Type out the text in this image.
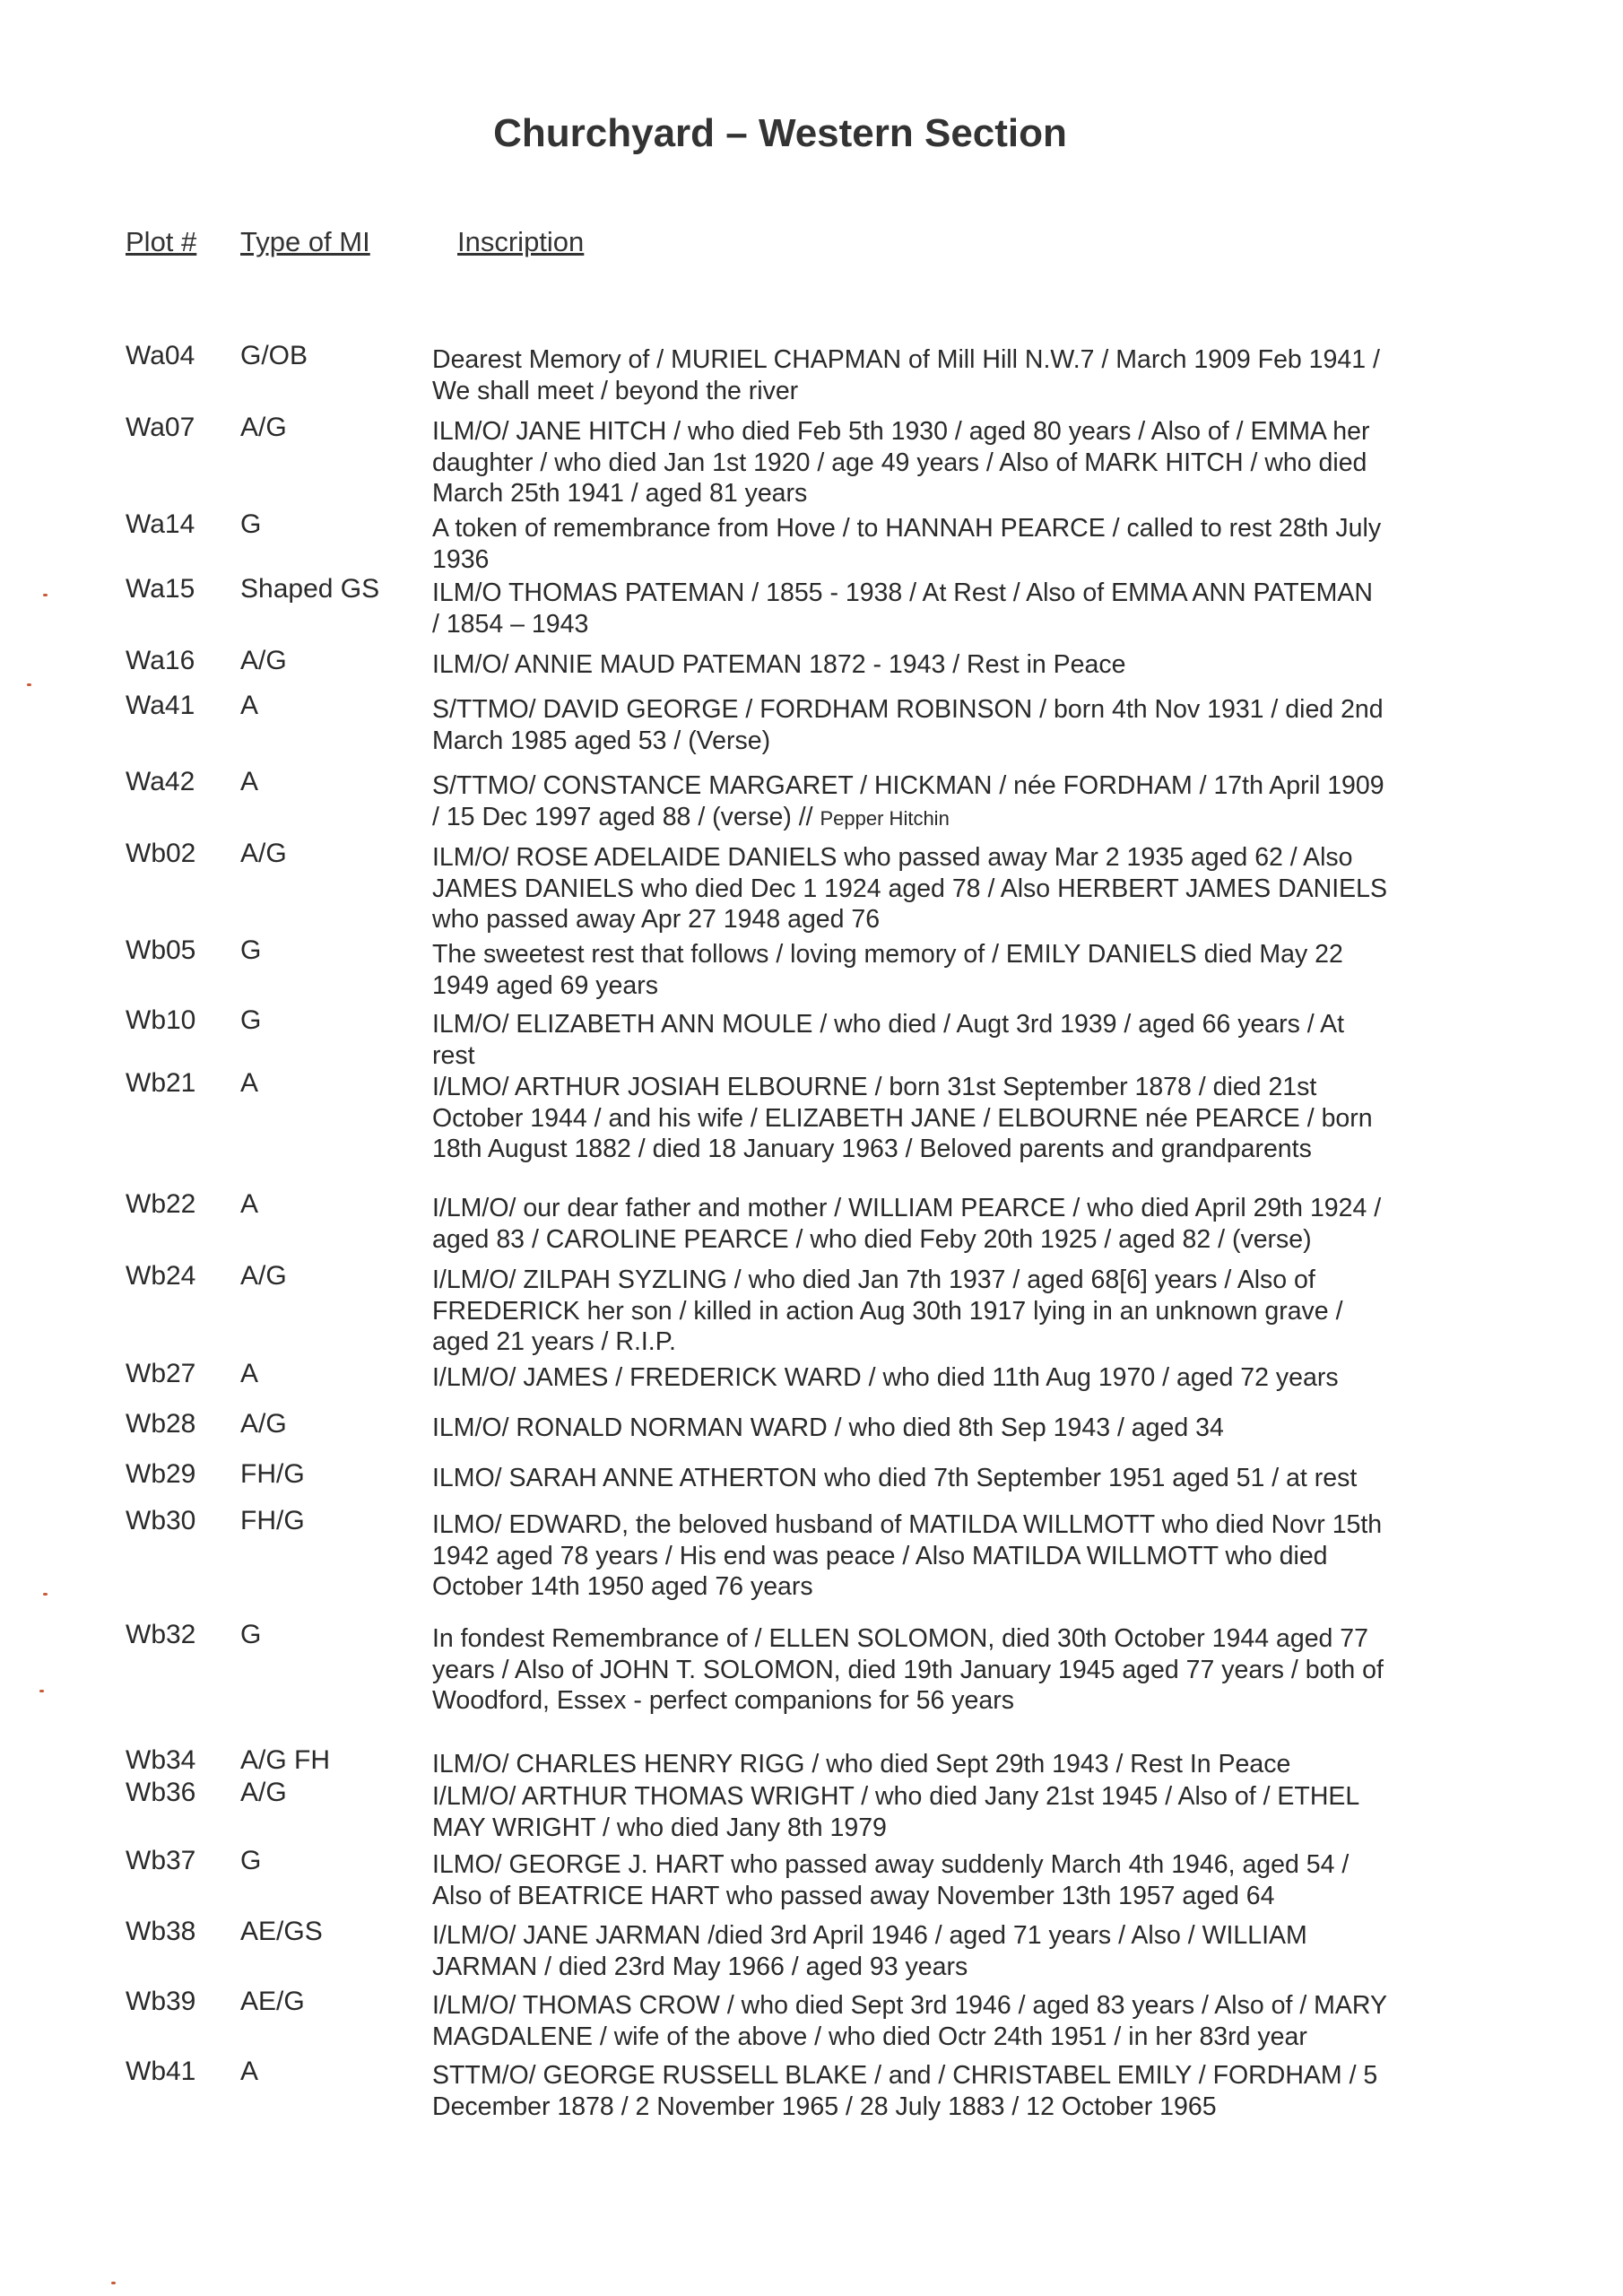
Churchyard – Western Section
Plot # Type of MI	Inscription
Wa04	G/OB	Dearest Memory of / MURIEL CHAPMAN of Mill Hill N.W.7 / March 1909 Feb 1941 /
We shall meet / beyond the river
Wa07	A/G	ILM/O/ JANE HITCH / who died Feb 5th 1930 / aged 80 years / Also of / EMMA her
daughter / who died Jan 1st 1920 / age 49 years / Also of MARK HITCH / who died
March 25th 1941 / aged 81 years
Wa14	G	A token of remembrance from Hove / to HANNAH PEARCE / called to rest 28th July
1936
Wa15	Shaped GS	ILM/O THOMAS PATEMAN / 1855 - 1938 / At Rest / Also of EMMA ANN PATEMAN
/ 1854 – 1943
Wa16	A/G	ILM/O/ ANNIE MAUD PATEMAN 1872 - 1943 / Rest in Peace
Wa41	A	S/TTMO/ DAVID GEORGE / FORDHAM ROBINSON / born 4th Nov 1931 / died 2nd
March 1985 aged 53 / (Verse)
Wa42	A	S/TTMO/ CONSTANCE MARGARET / HICKMAN / née FORDHAM / 17th April 1909
/ 15 Dec 1997 aged 88 / (verse) // Pepper Hitchin
Wb02	A/G	ILM/O/ ROSE ADELAIDE DANIELS who passed away Mar 2 1935 aged 62 / Also
JAMES DANIELS who died Dec 1 1924 aged 78 / Also HERBERT JAMES DANIELS
who passed away Apr 27 1948 aged 76
Wb05	G	The sweetest rest that follows / loving memory of / EMILY DANIELS died May 22
1949 aged 69 years
Wb10	G	ILM/O/ ELIZABETH ANN MOULE / who died / Augt 3rd 1939 / aged 66 years / At
rest
Wb21	A	I/LMO/ ARTHUR JOSIAH ELBOURNE / born 31st September 1878 / died 21st
October 1944 / and his wife / ELIZABETH JANE / ELBOURNE née PEARCE / born
18th August 1882 / died 18 January 1963 / Beloved parents and grandparents
Wb22	A	I/LM/O/ our dear father and mother / WILLIAM PEARCE / who died April 29th 1924 /
aged 83 / CAROLINE PEARCE / who died Feby 20th 1925 / aged 82 / (verse)
Wb24	A/G	I/LM/O/ ZILPAH SYZLING / who died Jan 7th 1937 / aged 68[6] years / Also of
FREDERICK her son / killed in action Aug 30th 1917 lying in an unknown grave /
aged 21 years / R.I.P.
Wb27	A	I/LM/O/ JAMES / FREDERICK WARD / who died 11th Aug 1970 / aged 72 years
Wb28	A/G	ILM/O/ RONALD NORMAN WARD / who died 8th Sep 1943 / aged 34
Wb29	FH/G	ILMO/ SARAH ANNE ATHERTON who died 7th September 1951 aged 51 / at rest
Wb30	FH/G	ILMO/ EDWARD, the beloved husband of MATILDA WILLMOTT who died Novr 15th
1942 aged 78 years / His end was peace / Also MATILDA WILLMOTT who died
October 14th 1950 aged 76 years
Wb32	G	In fondest Remembrance of / ELLEN SOLOMON, died 30th October 1944 aged 77
years / Also of JOHN T. SOLOMON, died 19th January 1945 aged 77 years / both of
Woodford, Essex - perfect companions for 56 years
Wb34	A/G FH	ILM/O/ CHARLES HENRY RIGG / who died Sept 29th 1943 / Rest In Peace
Wb36	A/G	I/LM/O/ ARTHUR THOMAS WRIGHT / who died Jany 21st 1945 / Also of / ETHEL
MAY WRIGHT / who died Jany 8th 1979
Wb37	G	ILMO/ GEORGE J. HART who passed away suddenly March 4th 1946, aged 54 /
Also of BEATRICE HART who passed away November 13th 1957 aged 64
Wb38	AE/GS	I/LM/O/ JANE JARMAN /died 3rd April 1946 / aged 71 years / Also / WILLIAM
JARMAN / died 23rd May 1966 / aged 93 years
Wb39	AE/G	I/LM/O/ THOMAS CROW / who died Sept 3rd 1946 / aged 83 years / Also of / MARY
MAGDALENE / wife of the above / who died Octr 24th 1951 / in her 83rd year
Wb41	A	STTM/O/ GEORGE RUSSELL BLAKE / and / CHRISTABEL EMILY / FORDHAM / 5
December 1878 / 2 November 1965 / 28 July 1883 / 12 October 1965
